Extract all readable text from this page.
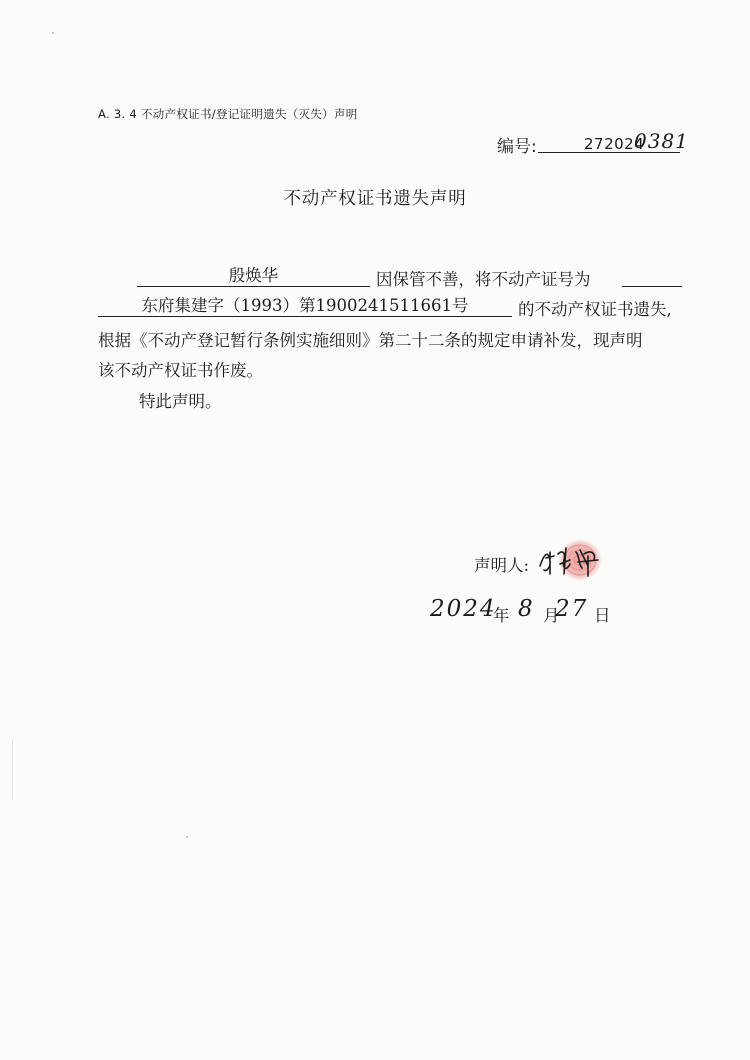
A. 3. 4 不动产权证书/登记证明遗失（灭失）声明
编号:	272024
0381
不动产权证书遗失声明
殷焕华	因保管不善，将不动产证号为
东府集建字（1993）第1900241511661号	的不动产权证书遗失,
根据《不动产登记暂行条例实施细则》第二十二条的规定申请补发，现声明
该不动产权证书作废。
特此声明。
声明人:
2024
年 8 月
27 日
